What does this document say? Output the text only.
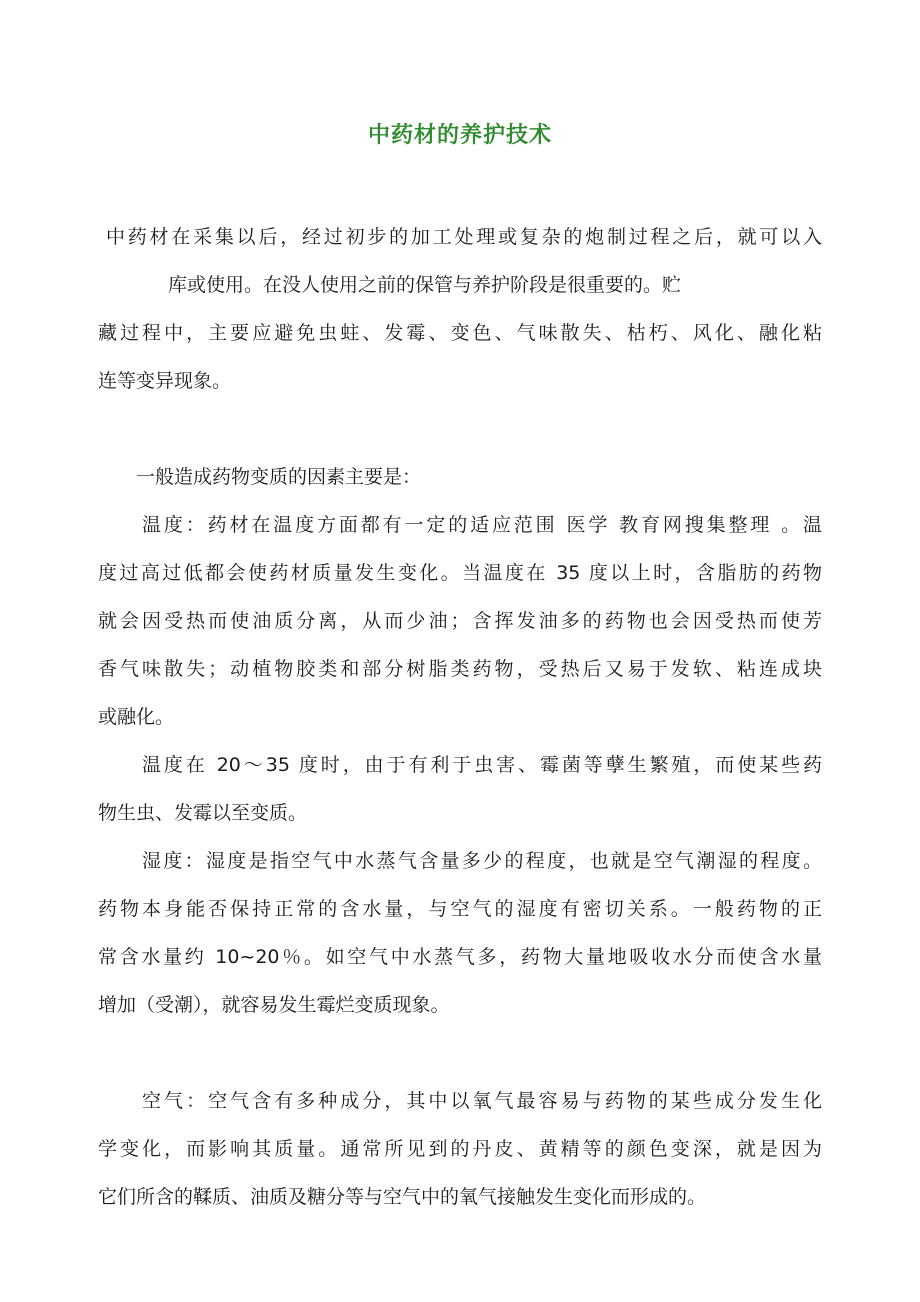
中药材的养护技术
中药材在采集以后，经过初步的加工处理或复杂的炮制过程之后，就可以入
库或使用。在没人使用之前的保管与养护阶段是很重要的。贮
藏过程中，主要应避免虫蛀、发霉、变色、气味散失、枯朽、风化、融化粘
连等变异现象。
一般造成药物变质的因素主要是：
温度：药材在温度方面都有一定的适应范围 医学 教育网搜集整理 。温
度过高过低都会使药材质量发生变化。当温度在 35 度以上时，含脂肪的药物
就会因受热而使油质分离，从而少油；含挥发油多的药物也会因受热而使芳
香气味散失；动植物胶类和部分树脂类药物，受热后又易于发软、粘连成块
或融化。
温度在 20～35 度时，由于有利于虫害、霉菌等孽生繁殖，而使某些药
物生虫、发霉以至变质。
湿度：湿度是指空气中水蒸气含量多少的程度，也就是空气潮湿的程度。
药物本身能否保持正常的含水量，与空气的湿度有密切关系。一般药物的正
常含水量约 10~20％。如空气中水蒸气多，药物大量地吸收水分而使含水量
增加（受潮），就容易发生霉烂变质现象。
空气：空气含有多种成分，其中以氧气最容易与药物的某些成分发生化
学变化，而影响其质量。通常所见到的丹皮、黄精等的颜色变深，就是因为
它们所含的鞣质、油质及糖分等与空气中的氧气接触发生变化而形成的。
